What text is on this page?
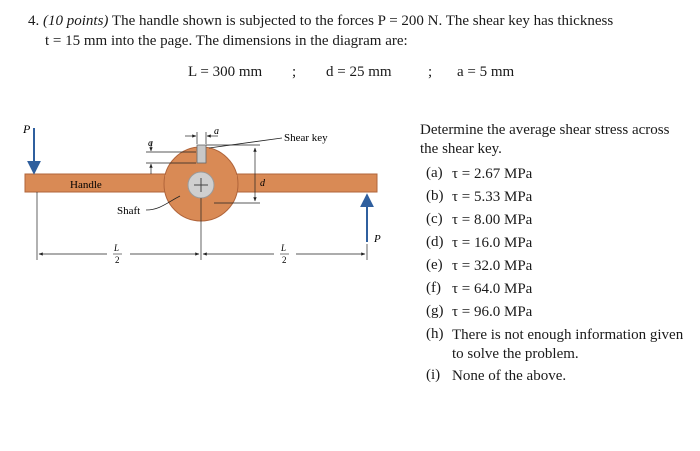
4. (10 points) The handle shown is subjected to the forces P = 200 N. The shear key has thickness
t = 15 mm into the page. The dimensions in the diagram are:
L = 300 mm ; d = 25 mm ; a = 5 mm
P
P
Handle
Shaft
Shear key
a
a
d
L
2
L
2
Determine the average shear stress across the shear key.
(a) τ = 2.67 MPa
(b) τ = 5.33 MPa
(c) τ = 8.00 MPa
(d) τ = 16.0 MPa
(e) τ = 32.0 MPa
(f) τ = 64.0 MPa
(g) τ = 96.0 MPa
(h) There is not enough information given to solve the problem.
(i) None of the above.
